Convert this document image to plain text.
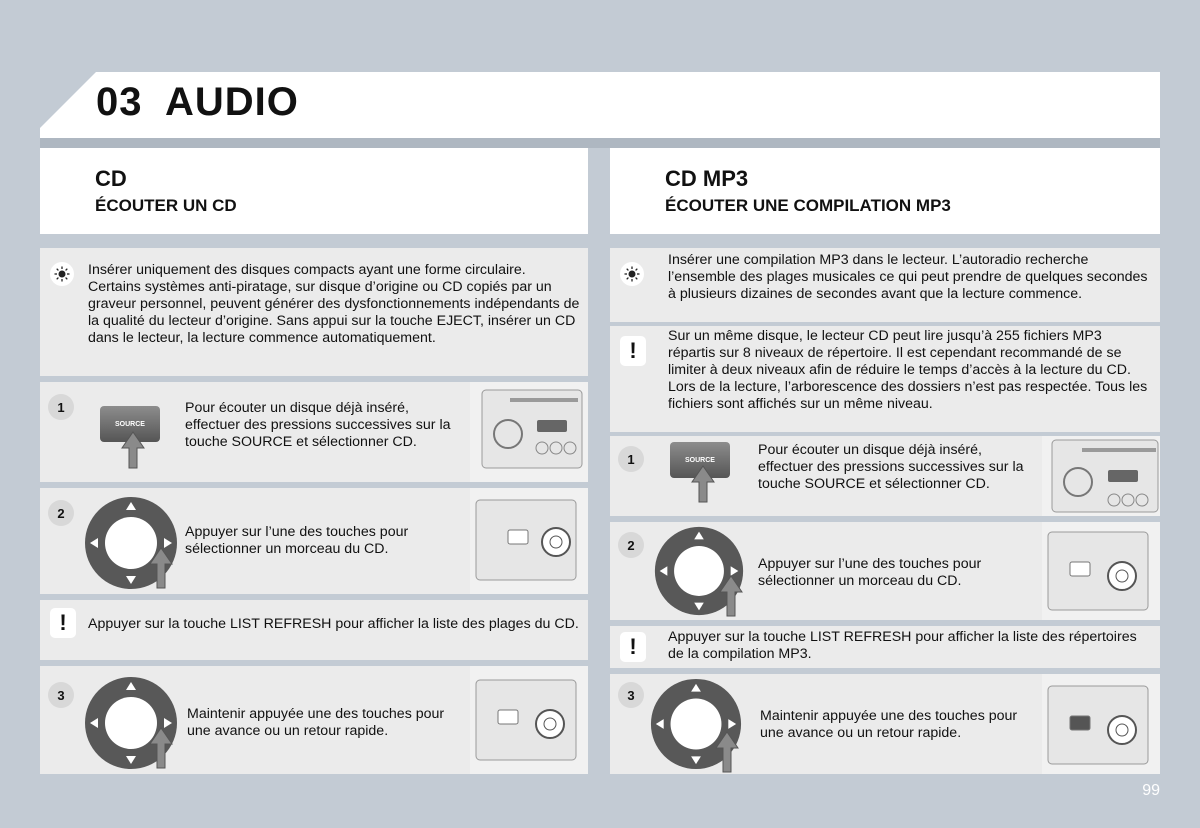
03 AUDIO
CD
ÉCOUTER UN CD
Insérer uniquement des disques compacts ayant une forme circulaire. Certains systèmes anti-piratage, sur disque d’origine ou CD copiés par un graveur personnel, peuvent générer des dysfonctionnements indépendants de la qualité du lecteur d’origine. Sans appui sur la touche EJECT, insérer un CD dans le lecteur, la lecture commence automatiquement.
1
SOURCE
Pour écouter un disque déjà inséré, effectuer des pressions successives sur la touche SOURCE et sélectionner CD.
2
Appuyer sur l’une des touches pour sélectionner un morceau du CD.
!	Appuyer sur la touche LIST REFRESH pour afficher la liste des plages du CD.
3
Maintenir appuyée une des touches pour une avance ou un retour rapide.
CD MP3
ÉCOUTER UNE COMPILATION MP3
Insérer une compilation MP3 dans le lecteur. L’autoradio recherche l’ensemble des plages musicales ce qui peut prendre de quelques secondes à plusieurs dizaines de secondes avant que la lecture commence.
!
Sur un même disque, le lecteur CD peut lire jusqu’à 255 fichiers MP3 répartis sur 8 niveaux de répertoire. Il est cependant recommandé de se limiter à deux niveaux afin de réduire le temps d’accès à la lecture du CD. Lors de la lecture, l’arborescence des dossiers n’est pas respectée. Tous les fichiers sont affichés sur un même niveau.
1	SOURCE
Pour écouter un disque déjà inséré, effectuer des pressions successives sur la touche SOURCE et sélectionner CD.
2
Appuyer sur l’une des touches pour sélectionner un morceau du CD.
!	Appuyer sur la touche LIST REFRESH pour afficher la liste des répertoires de la compilation MP3.
3
Maintenir appuyée une des touches pour une avance ou un retour rapide.
99
